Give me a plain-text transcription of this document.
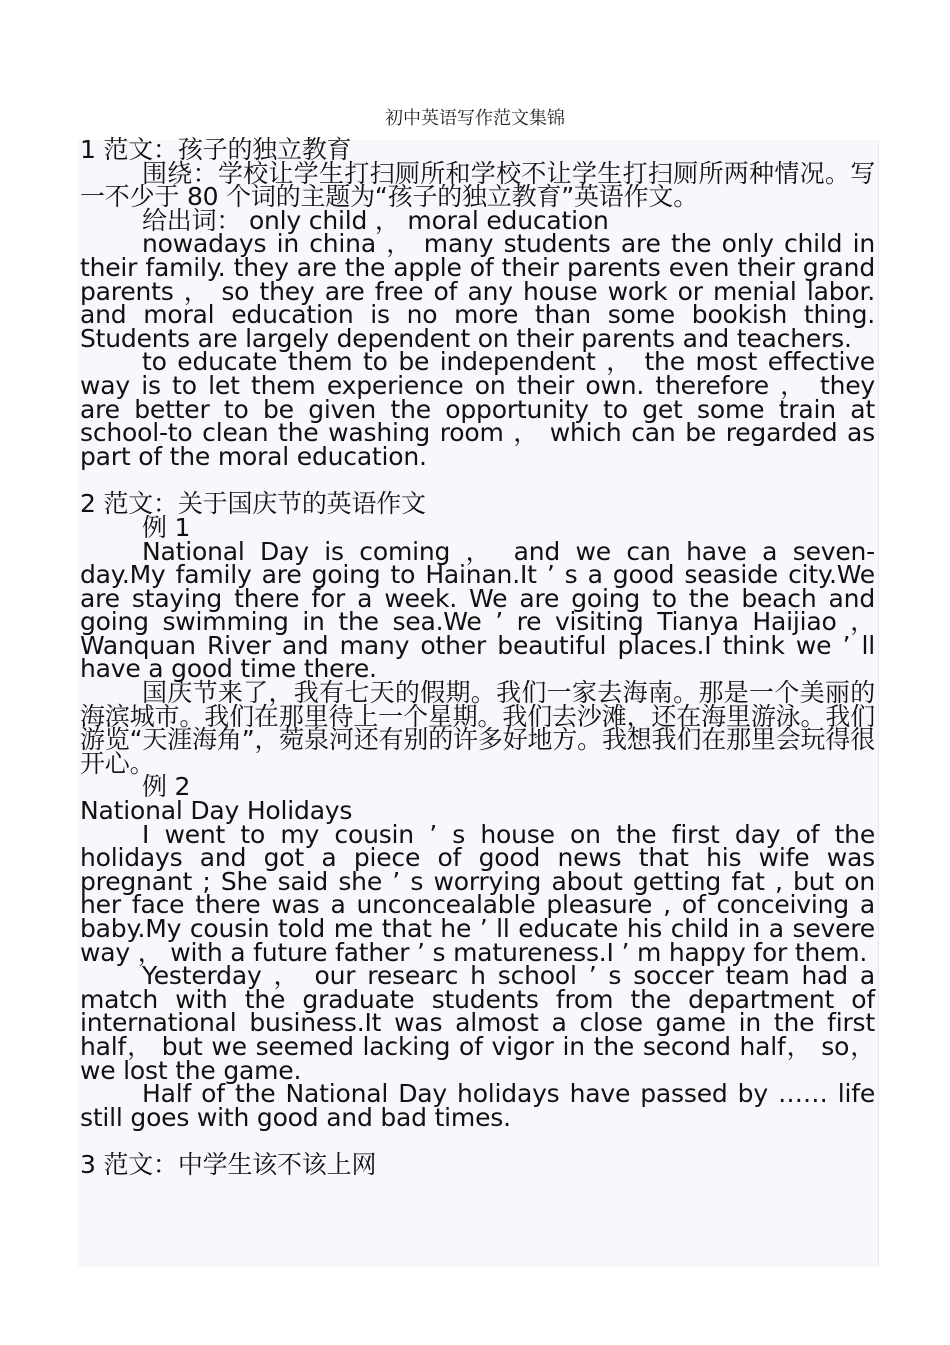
初中英语写作范文集锦

1 范文：孩子的独立教育

围绕：学校让学生打扫厕所和学校不让学生打扫厕所两种情况。写一不少于 80 个词的主题为“孩子的独立教育”英语作文。

给出词： only child ， moral education

nowadays in china ， many students are the only child in their family. they are the apple of their parents even their grand parents ， so they are free of any house work or menial labor. and moral education is no more than some bookish thing. Students are largely dependent on their parents and teachers.

to educate them to be independent ， the most effective way is to let them experience on their own. therefore ， they are better to be given the opportunity to get some train at school-to clean the washing room ， which can be regarded as part of the moral education.

2 范文：关于国庆节的英语作文

例 1

National Day is coming ， and we can have a seven-day.My family are going to Hainan.It ’ s a good seaside city.We are staying there for a week. We are going to the beach and going swimming in the sea.We ’ re visiting Tianya Haijiao ， Wanquan River and many other beautiful places.I think we ’ ll have a good time there.

国庆节来了，我有七天的假期。我们一家去海南。那是一个美丽的海滨城市。我们在那里待上一个星期。我们去沙滩，还在海里游泳。我们游览“天涯海角”，菀泉河还有别的许多好地方。我想我们在那里会玩得很开心。

例 2

National Day Holidays

I went to my cousin ’ s house on the first day of the holidays and got a piece of good news that his wife was pregnant ; She said she ’ s worrying about getting fat , but on her face there was a unconcealable pleasure , of conceiving a baby.My cousin told me that he ’ ll educate his child in a severe way ， with a future father ’ s matureness.I ’ m happy for them.

Yesterday ， our researc h school ’ s soccer team had a match with the graduate students from the department of international business.It was almost a close game in the first half， but we seemed lacking of vigor in the second half， so， we lost the game.

Half of the National Day holidays have passed by …… life still goes with good and bad times.

3 范文：中学生该不该上网
